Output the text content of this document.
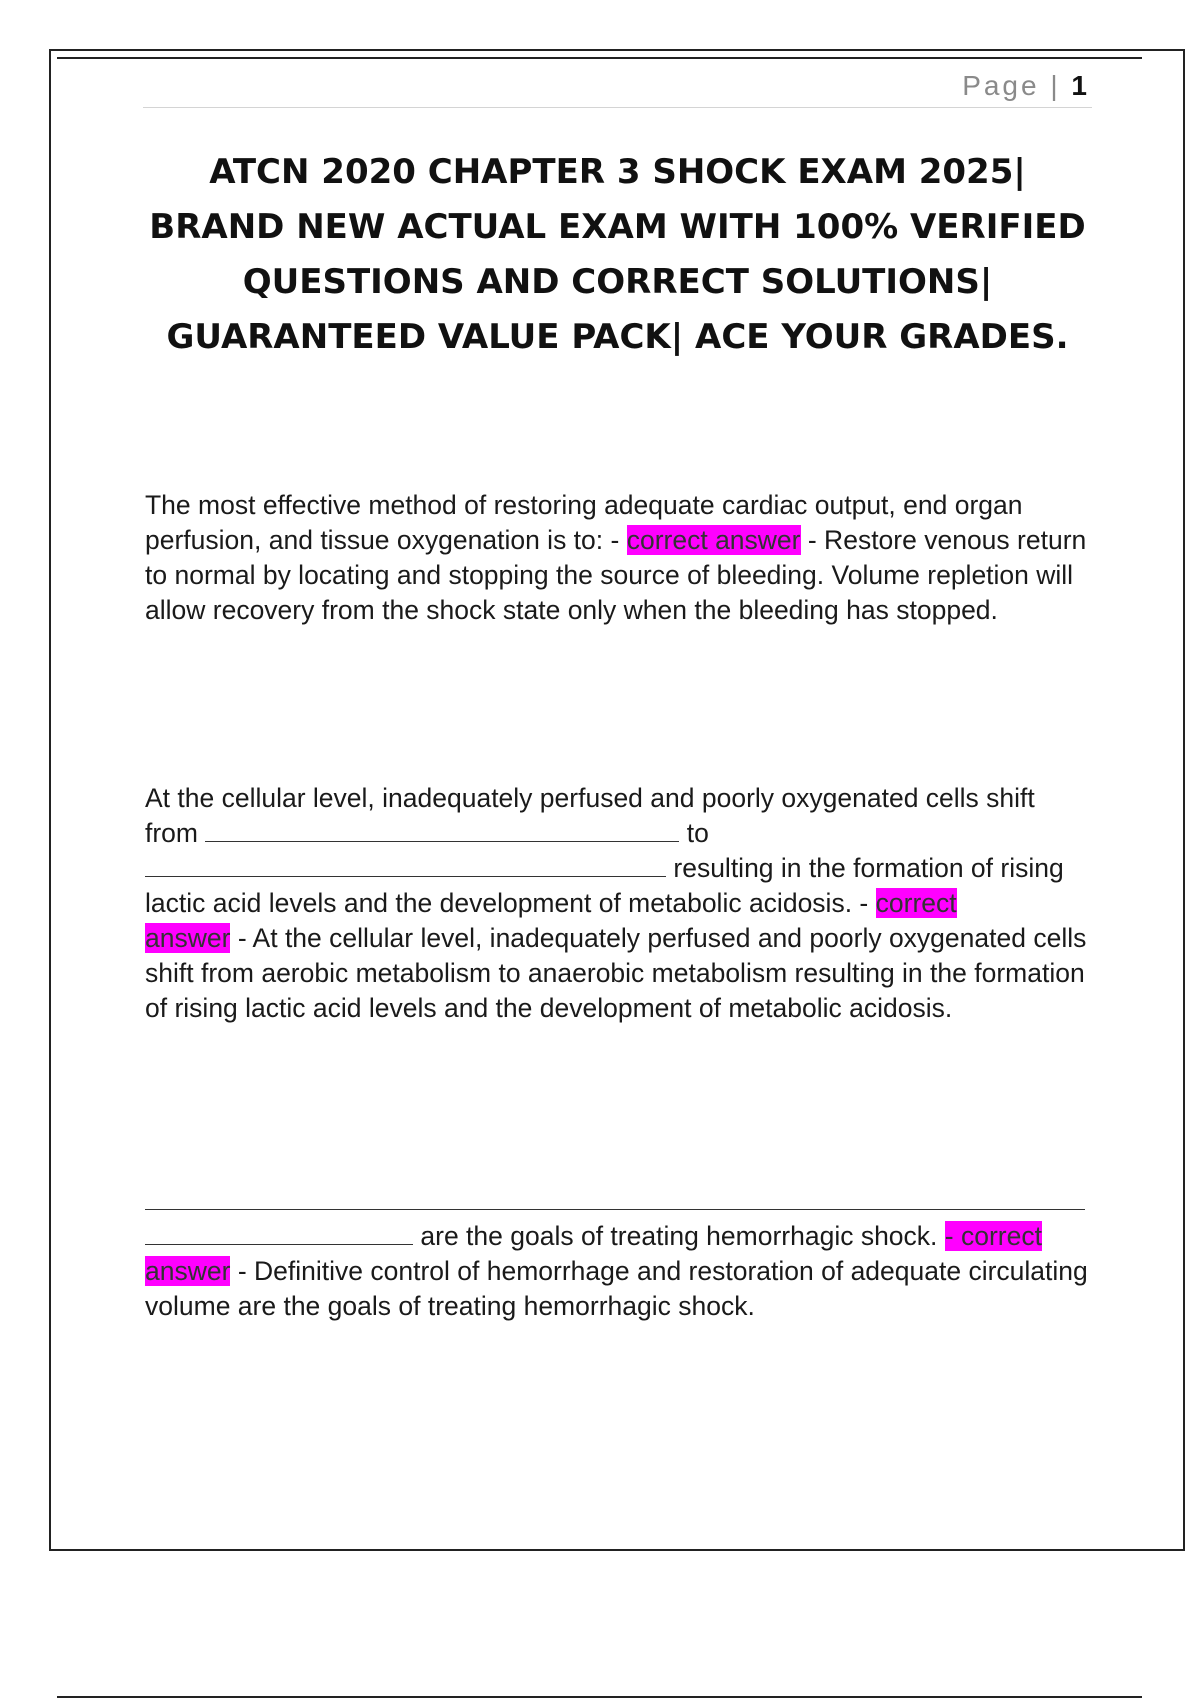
Page | 1
ATCN 2020 CHAPTER 3 SHOCK EXAM 2025| BRAND NEW ACTUAL EXAM WITH 100% VERIFIED QUESTIONS AND CORRECT SOLUTIONS| GUARANTEED VALUE PACK| ACE YOUR GRADES.

The most effective method of restoring adequate cardiac output, end organ perfusion, and tissue oxygenation is to: - correct answer - Restore venous return to normal by locating and stopping the source of bleeding. Volume repletion will allow recovery from the shock state only when the bleeding has stopped.

At the cellular level, inadequately perfused and poorly oxygenated cells shift from	to
resulting in the formation of rising lactic acid levels and the development of metabolic acidosis. - correct
answer - At the cellular level, inadequately perfused and poorly oxygenated cells shift from aerobic metabolism to anaerobic metabolism resulting in the formation of rising lactic acid levels and the development of metabolic acidosis.

are the goals of treating hemorrhagic shock. - correct
answer - Definitive control of hemorrhage and restoration of adequate circulating volume are the goals of treating hemorrhagic shock.
